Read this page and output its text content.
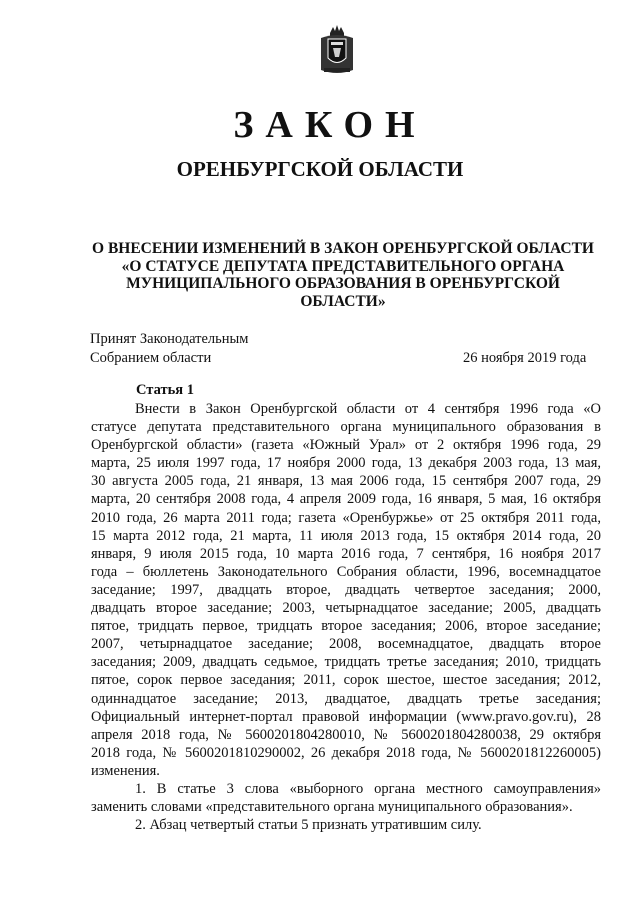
ЗАКОН
ОРЕНБУРГСКОЙ ОБЛАСТИ
О ВНЕСЕНИИ ИЗМЕНЕНИЙ В ЗАКОН ОРЕНБУРГСКОЙ ОБЛАСТИ
«О СТАТУСЕ ДЕПУТАТА ПРЕДСТАВИТЕЛЬНОГО ОРГАНА
МУНИЦИПАЛЬНОГО ОБРАЗОВАНИЯ В ОРЕНБУРГСКОЙ
ОБЛАСТИ»
Принят Законодательным
Собранием области	26 ноября 2019 года
Статья 1
Внести в Закон Оренбургской области от 4 сентября 1996 года «О
статусе депутата представительного органа муниципального образования в
Оренбургской области» (газета «Южный Урал» от 2 октября 1996 года, 29
марта, 25 июля 1997 года, 17 ноября 2000 года, 13 декабря 2003 года, 13 мая,
30 августа 2005 года, 21 января, 13 мая 2006 года, 15 сентября 2007 года, 29
марта, 20 сентября 2008 года, 4 апреля 2009 года, 16 января, 5 мая, 16 октября
2010 года, 26 марта 2011 года; газета «Оренбуржье» от 25 октября 2011 года,
15 марта 2012 года, 21 марта, 11 июля 2013 года, 15 октября 2014 года, 20
января, 9 июля 2015 года, 10 марта 2016 года, 7 сентября, 16 ноября 2017
года – бюллетень Законодательного Собрания области, 1996, восемнадцатое
заседание; 1997, двадцать второе, двадцать четвертое заседания; 2000,
двадцать второе заседание; 2003, четырнадцатое заседание; 2005, двадцать
пятое, тридцать первое, тридцать второе заседания; 2006, второе заседание;
2007, четырнадцатое заседание; 2008, восемнадцатое, двадцать второе
заседания; 2009, двадцать седьмое, тридцать третье заседания; 2010, тридцать
пятое, сорок первое заседания; 2011, сорок шестое, шестое заседания; 2012,
одиннадцатое заседание; 2013, двадцатое, двадцать третье заседания;
Официальный интернет-портал правовой информации (www.pravo.gov.ru), 28
апреля 2018 года, № 5600201804280010, № 5600201804280038, 29 октября
2018 года, № 5600201810290002, 26 декабря 2018 года, № 5600201812260005)
изменения.
1. В статье 3 слова «выборного органа местного самоуправления»
заменить словами «представительного органа муниципального образования».
2. Абзац четвертый статьи 5 признать утратившим силу.
